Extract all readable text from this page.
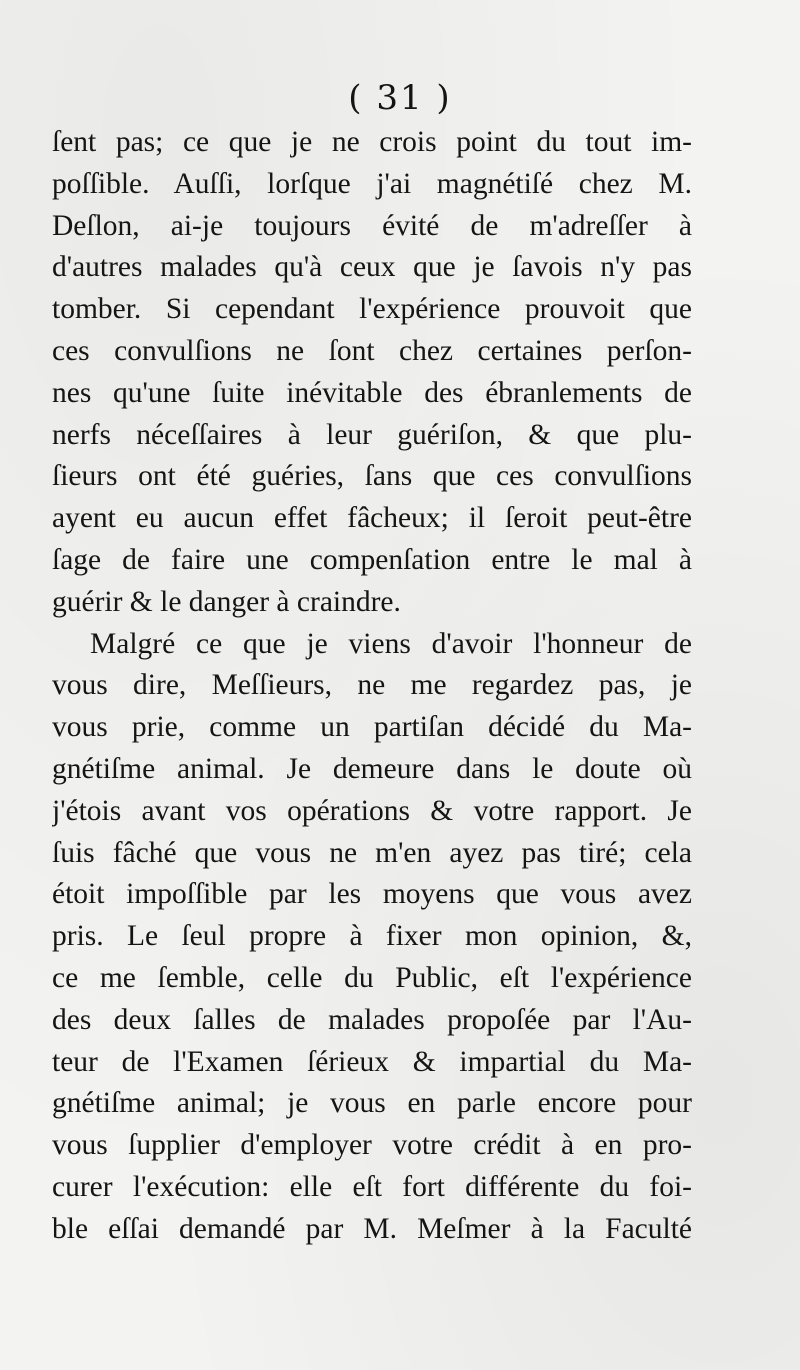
( 31 )
ſent pas; ce que je ne crois point du tout im-
poſſible. Auſſi, lorſque j'ai magnétiſé chez M.
Deſlon, ai-je toujours évité de m'adreſſer à
d'autres malades qu'à ceux que je ſavois n'y pas
tomber. Si cependant l'expérience prouvoit que
ces convulſions ne ſont chez certaines perſon-
nes qu'une ſuite inévitable des ébranlements de
nerfs néceſſaires à leur guériſon, & que plu-
ſieurs ont été guéries, ſans que ces convulſions
ayent eu aucun effet fâcheux; il ſeroit peut-être
ſage de faire une compenſation entre le mal à
guérir & le danger à craindre.
Malgré ce que je viens d'avoir l'honneur de
vous dire, Meſſieurs, ne me regardez pas, je
vous prie, comme un partiſan décidé du Ma-
gnétiſme animal. Je demeure dans le doute où
j'étois avant vos opérations & votre rapport. Je
ſuis fâché que vous ne m'en ayez pas tiré; cela
étoit impoſſible par les moyens que vous avez
pris. Le ſeul propre à fixer mon opinion, &,
ce me ſemble, celle du Public, eſt l'expérience
des deux ſalles de malades propoſée par l'Au-
teur de l'Examen ſérieux & impartial du Ma-
gnétiſme animal; je vous en parle encore pour
vous ſupplier d'employer votre crédit à en pro-
curer l'exécution: elle eſt fort différente du foi-
ble eſſai demandé par M. Meſmer à la Faculté
